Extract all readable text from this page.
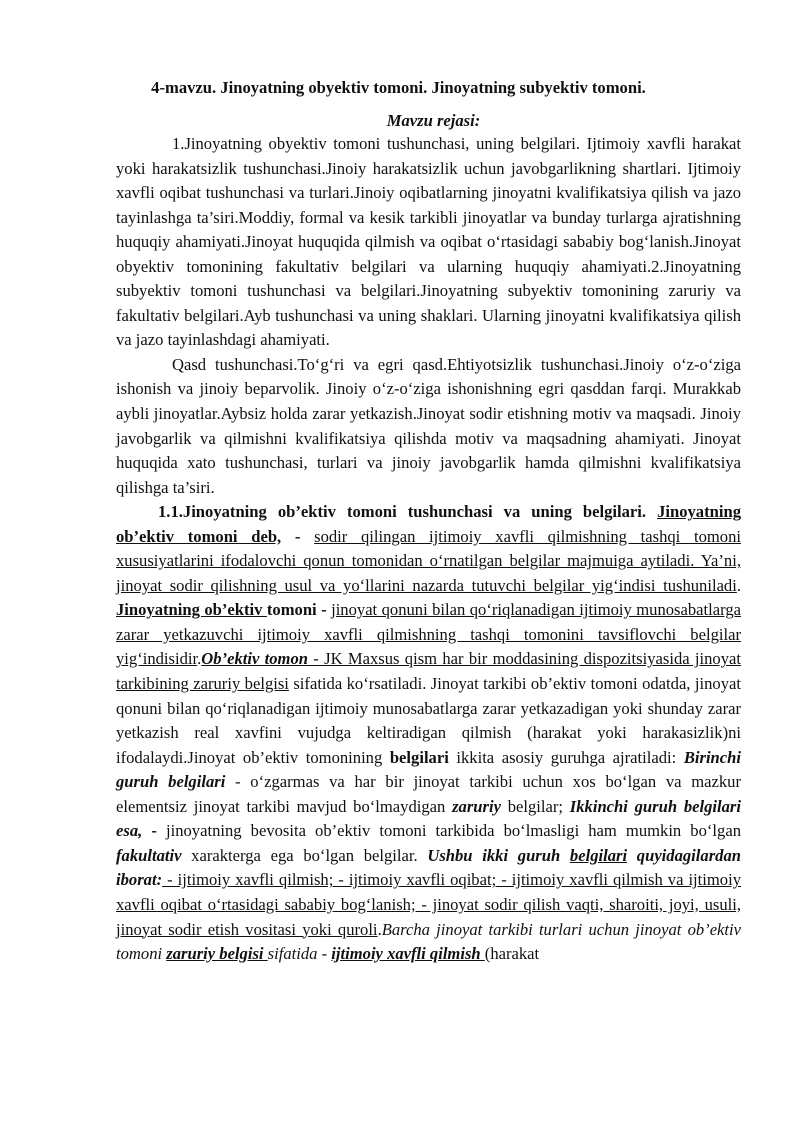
4-mavzu. Jinoyatning obyektiv tomoni. Jinoyatning subyektiv tomoni.
Mavzu rejasi:

1.Jinoyatning obyektiv tomoni tushunchasi, uning belgilari. Ijtimoiy xavfli harakat yoki harakatsizlik tushunchasi.Jinoiy harakatsizlik uchun javobgarlikning shartlari. Ijtimoiy xavfli oqibat tushunchasi va turlari.Jinoiy oqibatlarning jinoyatni kvalifikatsiya qilish va jazo tayinlashga ta’siri.Moddiy, formal va kesik tarkibli jinoyatlar va bunday turlarga ajratishning huquqiy ahamiyati.Jinoyat huquqida qilmish va oqibat oʻrtasidagi sababiy bogʻlanish.Jinoyat obyektiv tomonining fakultativ belgilari va ularning huquqiy ahamiyati.2.Jinoyatning subyektiv tomoni tushunchasi va belgilari.Jinoyatning subyektiv tomonining zaruriy va fakultativ belgilari.Ayb tushunchasi va uning shaklari. Ularning jinoyatni kvalifikatsiya qilish va jazo tayinlashdagi ahamiyati.

Qasd tushunchasi.Toʻgʻri va egri qasd.Ehtiyotsizlik tushunchasi.Jinoiy oʻz-oʻziga ishonish va jinoiy beparvolik. Jinoiy oʻz-oʻziga ishonishning egri qasddan farqi. Murakkab aybli jinoyatlar.Aybsiz holda zarar yetkazish.Jinoyat sodir etishning motiv va maqsadi. Jinoiy javobgarlik va qilmishni kvalifikatsiya qilishda motiv va maqsadning ahamiyati. Jinoyat huquqida xato tushunchasi, turlari va jinoiy javobgarlik hamda qilmishni kvalifikatsiya qilishga ta’siri.

1.1.Jinoyatning ob’ektiv tomoni tushunchasi va uning belgilari. Jinoyatning ob’ektiv tomoni deb, - sodir qilingan ijtimoiy xavfli qilmishning tashqi tomoni xususiyatlarini ifodalovchi qonun tomonidan oʻrnatilgan belgilar majmuiga aytiladi. Ya’ni, jinoyat sodir qilishning usul va yoʻllarini nazarda tutuvchi belgilar yigʻindisi tushuniladi. Jinoyatning ob’ektiv tomoni - jinoyat qonuni bilan qoʻriqlanadigan ijtimoiy munosabatlarga zarar yetkazuvchi ijtimoiy xavfli qilmishning tashqi tomonini tavsiflovchi belgilar yigʻindisidir.Ob’ektiv tomon - JK Maxsus qism har bir moddasining dispozitsiyasida jinoyat tarkibining zaruriy belgisi sifatida koʻrsatiladi. Jinoyat tarkibi ob’ektiv tomoni odatda, jinoyat qonuni bilan qoʻriqlanadigan ijtimoiy munosabatlarga zarar yetkazadigan yoki shunday zarar yetkazish real xavfini vujudga keltiradigan qilmish (harakat yoki harakasizlik)ni ifodalaydi.Jinoyat ob’ektiv tomonining belgilari ikkita asosiy guruhga ajratiladi: Birinchi guruh belgilari - oʻzgarmas va har bir jinoyat tarkibi uchun xos boʻlgan va mazkur elementsiz jinoyat tarkibi mavjud boʻlmaydigan zaruriy belgilar; Ikkinchi guruh belgilari esa, - jinoyatning bevosita ob’ektiv tomoni tarkibida boʻlmasligi ham mumkin boʻlgan fakultativ xarakterga ega boʻlgan belgilar. Ushbu ikki guruh belgilari quyidagilardan iborat: - ijtimoiy xavfli qilmish; - ijtimoiy xavfli oqibat; - ijtimoiy xavfli qilmish va ijtimoiy xavfli oqibat oʻrtasidagi sababiy bogʻlanish; - jinoyat sodir qilish vaqti, sharoiti, joyi, usuli, jinoyat sodir etish vositasi yoki quroli.Barcha jinoyat tarkibi turlari uchun jinoyat ob’ektiv tomoni zaruriy belgisi sifatida - ijtimoiy xavfli qilmish (harakat
